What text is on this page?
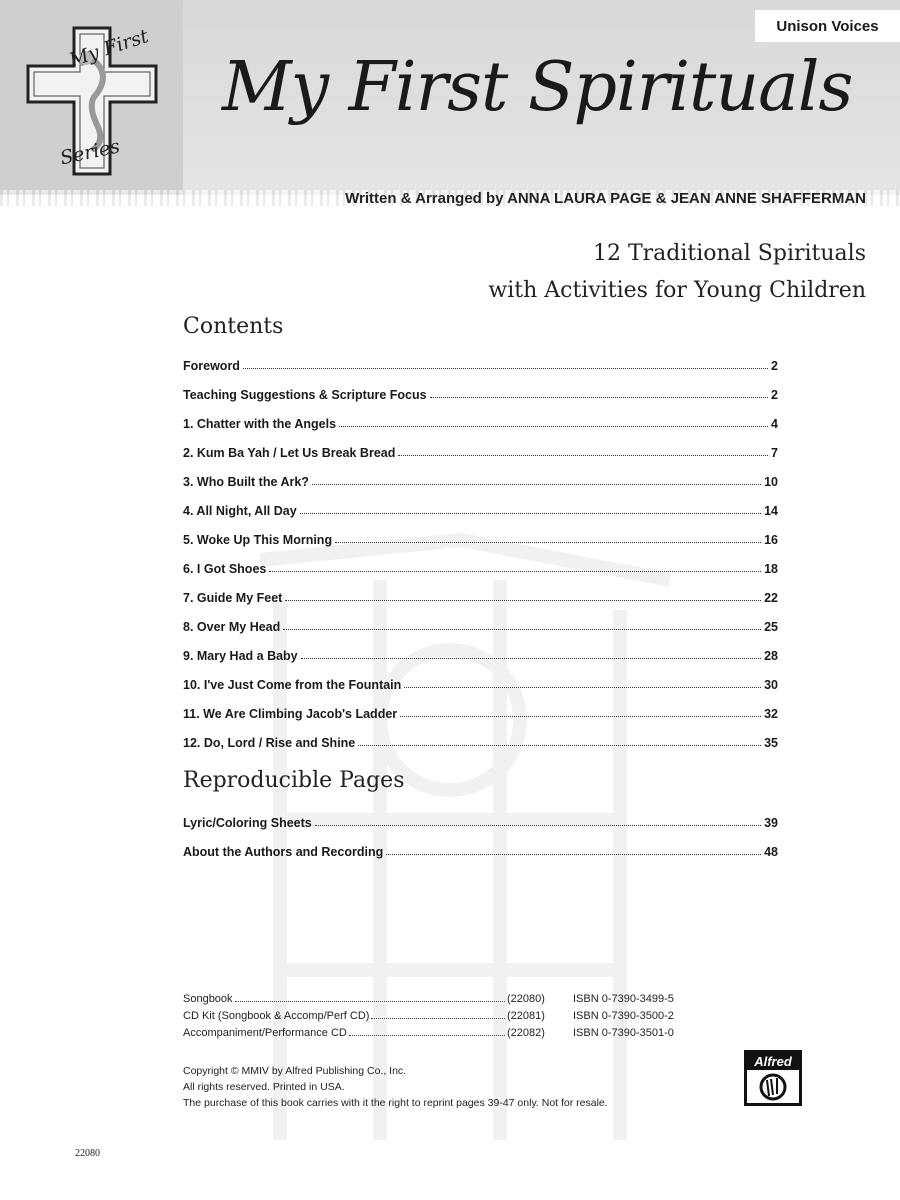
My First
Series
Unison Voices
My First Spirituals
Written & Arranged by ANNA LAURA PAGE & JEAN ANNE SHAFFERMAN
12 Traditional Spirituals
with Activities for Young Children
Contents
Foreword	2
Teaching Suggestions & Scripture Focus	2
1. Chatter with the Angels	4
2. Kum Ba Yah / Let Us Break Bread	7
3. Who Built the Ark?	10
4. All Night, All Day	14
5. Woke Up This Morning	16
6. I Got Shoes	18
7. Guide My Feet	22
8. Over My Head	25
9. Mary Had a Baby	28
10. I've Just Come from the Fountain	30
11. We Are Climbing Jacob's Ladder	32
12. Do, Lord / Rise and Shine	35
Reproducible Pages
Lyric/Coloring Sheets	39
About the Authors and Recording	48
Songbook	(22080)	ISBN 0-7390-3499-5
CD Kit (Songbook & Accomp/Perf CD)	(22081)	ISBN 0-7390-3500-2
Accompaniment/Performance CD	(22082)	ISBN 0-7390-3501-0
Copyright © MMIV by Alfred Publishing Co., Inc.
All rights reserved. Printed in USA.
The purchase of this book carries with it the right to reprint pages 39-47 only. Not for resale.
Alfred
22080
